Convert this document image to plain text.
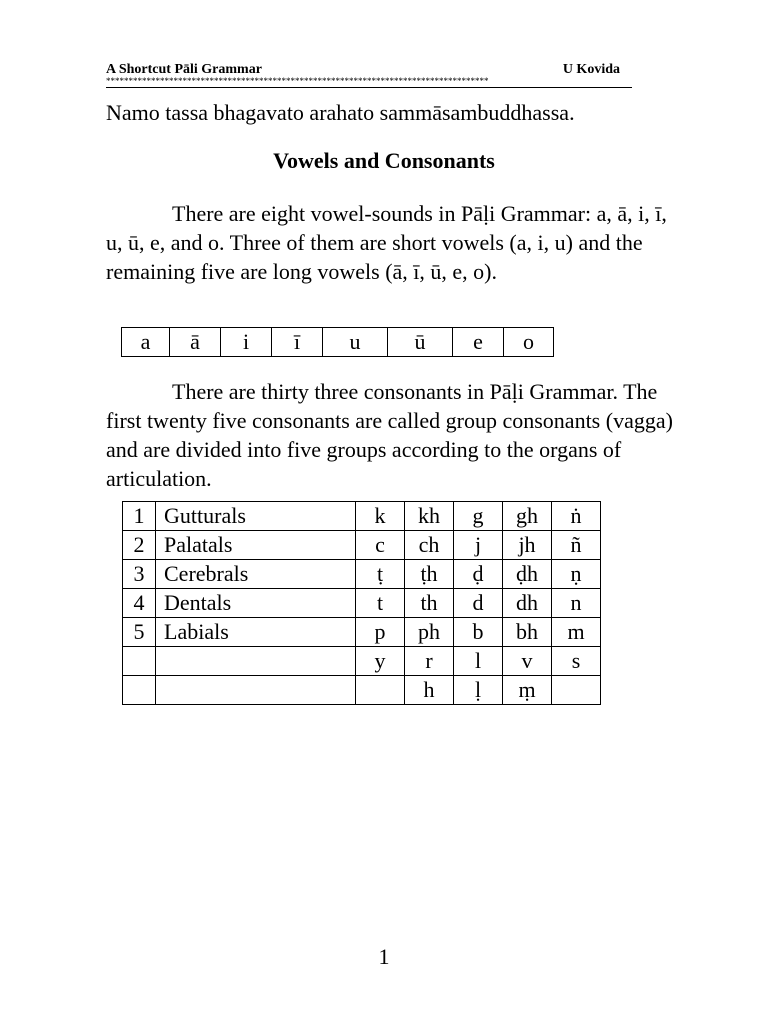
A Shortcut Pāli Grammar	U Kovida
*************************************************************************************
Namo tassa bhagavato arahato sammāsambuddhassa.
Vowels and Consonants

There are eight vowel-sounds in Pāḷi Grammar: a, ā, i, ī, u, ū, e, and o. Three of them are short vowels (a, i, u) and the remaining five are long vowels (ā, ī, ū, e, o).

a	ā	i	ī	u	ū	e	o

There are thirty three consonants in Pāḷi Grammar. The first twenty five consonants are called group consonants (vagga) and are divided into five groups according to the organs of articulation.

1	Gutturals	k	kh	g	gh	ṅ
2	Palatals	c	ch	j	jh	ñ
3	Cerebrals	ṭ	ṭh	ḍ	ḍh	ṇ
4	Dentals	t	th	d	dh	n
5	Labials	p	ph	b	bh	m
		y	r	l	v	s
			h	ḷ	ṃ	
1
